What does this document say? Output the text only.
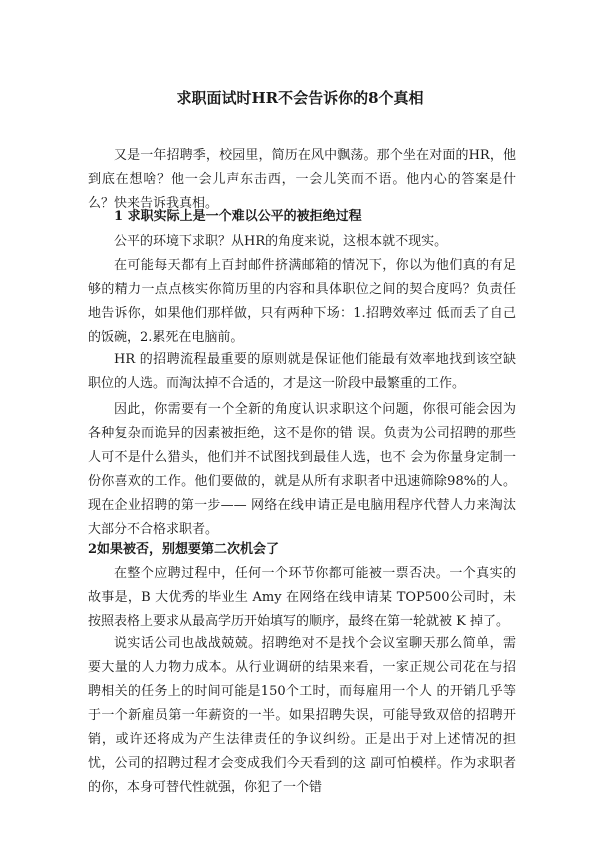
求职面试时HR不会告诉你的8个真相

又是一年招聘季，校园里，简历在风中飘荡。那个坐在对面的HR，他到底在想啥？他一会儿声东击西，一会儿笑而不语。他内心的答案是什么？快来告诉我真相。

1 求职实际上是一个难以公平的被拒绝过程

公平的环境下求职？从HR的角度来说，这根本就不现实。

在可能每天都有上百封邮件挤满邮箱的情况下，你以为他们真的有足够的精力一点点核实你简历里的内容和具体职位之间的契合度吗？负责任地告诉你，如果他们那样做，只有两种下场：1.招聘效率过 低而丢了自己的饭碗，2.累死在电脑前。

HR 的招聘流程最重要的原则就是保证他们能最有效率地找到该空缺职位的人选。而淘汰掉不合适的，才是这一阶段中最繁重的工作。

因此，你需要有一个全新的角度认识求职这个问题，你很可能会因为各种复杂而诡异的因素被拒绝，这不是你的错 误。负责为公司招聘的那些人可不是什么猎头，他们并不试图找到最佳人选，也不 会为你量身定制一份你喜欢的工作。他们要做的，就是从所有求职者中迅速筛除98%的人。现在企业招聘的第一步—— 网络在线申请正是电脑用程序代替人力来淘汰大部分不合格求职者。

2如果被否，别想要第二次机会了

在整个应聘过程中，任何一个环节你都可能被一票否决。一个真实的故事是，B 大优秀的毕业生 Amy 在网络在线申请某 TOP500公司时，未按照表格上要求从最高学历开始填写的顺序，最终在第一轮就被 K 掉了。

说实话公司也战战兢兢。招聘绝对不是找个会议室聊天那么简单，需要大量的人力物力成本。从行业调研的结果来看，一家正规公司花在与招聘相关的任务上的时间可能是150个工时，而每雇用一个人 的开销几乎等于一个新雇员第一年薪资的一半。如果招聘失误，可能导致双倍的招聘开销，或许还将成为产生法律责任的争议纠纷。正是出于对上述情况的担忧，公司的招聘过程才会变成我们今天看到的这 副可怕模样。作为求职者的你，本身可替代性就强，你犯了一个错
